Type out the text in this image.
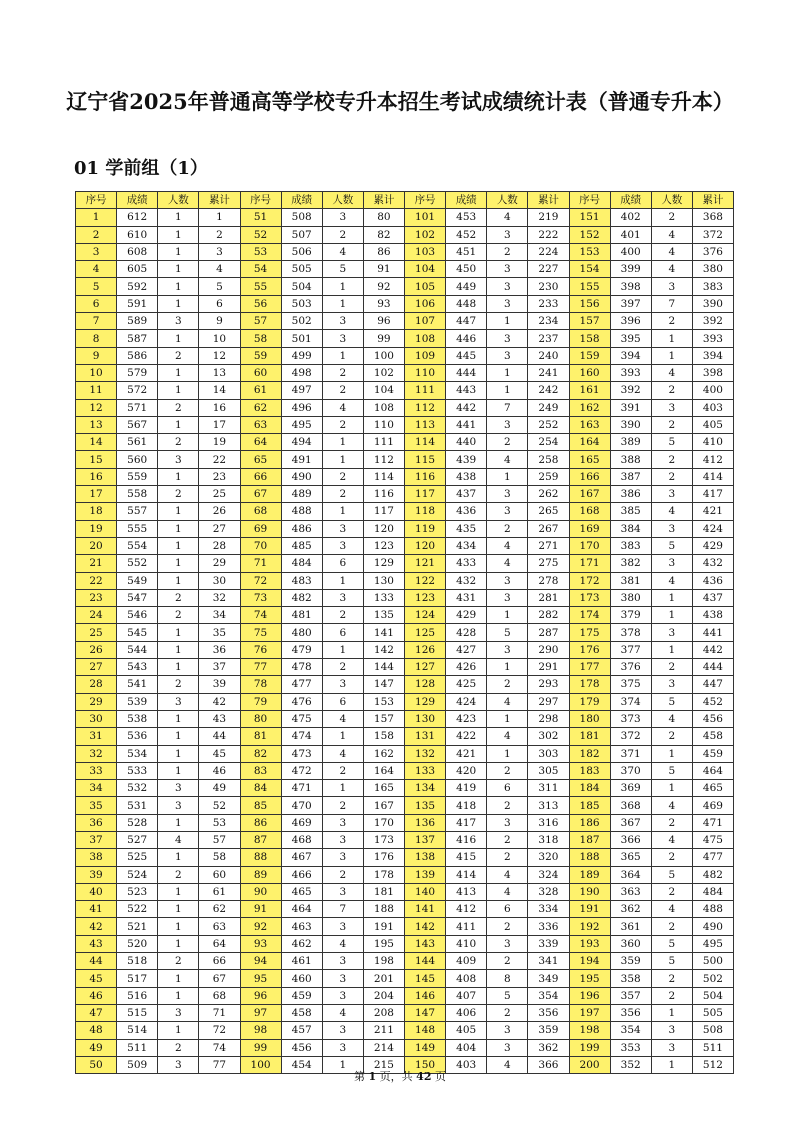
辽宁省2025年普通高等学校专升本招生考试成绩统计表（普通专升本）
01 学前组（1）
序号	成绩	人数	累计	序号	成绩	人数	累计	序号	成绩	人数	累计	序号	成绩	人数	累计
1	612	1	1	51	508	3	80	101	453	4	219	151	402	2	368
2	610	1	2	52	507	2	82	102	452	3	222	152	401	4	372
3	608	1	3	53	506	4	86	103	451	2	224	153	400	4	376
4	605	1	4	54	505	5	91	104	450	3	227	154	399	4	380
5	592	1	5	55	504	1	92	105	449	3	230	155	398	3	383
6	591	1	6	56	503	1	93	106	448	3	233	156	397	7	390
7	589	3	9	57	502	3	96	107	447	1	234	157	396	2	392
8	587	1	10	58	501	3	99	108	446	3	237	158	395	1	393
9	586	2	12	59	499	1	100	109	445	3	240	159	394	1	394
10	579	1	13	60	498	2	102	110	444	1	241	160	393	4	398
11	572	1	14	61	497	2	104	111	443	1	242	161	392	2	400
12	571	2	16	62	496	4	108	112	442	7	249	162	391	3	403
13	567	1	17	63	495	2	110	113	441	3	252	163	390	2	405
14	561	2	19	64	494	1	111	114	440	2	254	164	389	5	410
15	560	3	22	65	491	1	112	115	439	4	258	165	388	2	412
16	559	1	23	66	490	2	114	116	438	1	259	166	387	2	414
17	558	2	25	67	489	2	116	117	437	3	262	167	386	3	417
18	557	1	26	68	488	1	117	118	436	3	265	168	385	4	421
19	555	1	27	69	486	3	120	119	435	2	267	169	384	3	424
20	554	1	28	70	485	3	123	120	434	4	271	170	383	5	429
21	552	1	29	71	484	6	129	121	433	4	275	171	382	3	432
22	549	1	30	72	483	1	130	122	432	3	278	172	381	4	436
23	547	2	32	73	482	3	133	123	431	3	281	173	380	1	437
24	546	2	34	74	481	2	135	124	429	1	282	174	379	1	438
25	545	1	35	75	480	6	141	125	428	5	287	175	378	3	441
26	544	1	36	76	479	1	142	126	427	3	290	176	377	1	442
27	543	1	37	77	478	2	144	127	426	1	291	177	376	2	444
28	541	2	39	78	477	3	147	128	425	2	293	178	375	3	447
29	539	3	42	79	476	6	153	129	424	4	297	179	374	5	452
30	538	1	43	80	475	4	157	130	423	1	298	180	373	4	456
31	536	1	44	81	474	1	158	131	422	4	302	181	372	2	458
32	534	1	45	82	473	4	162	132	421	1	303	182	371	1	459
33	533	1	46	83	472	2	164	133	420	2	305	183	370	5	464
34	532	3	49	84	471	1	165	134	419	6	311	184	369	1	465
35	531	3	52	85	470	2	167	135	418	2	313	185	368	4	469
36	528	1	53	86	469	3	170	136	417	3	316	186	367	2	471
37	527	4	57	87	468	3	173	137	416	2	318	187	366	4	475
38	525	1	58	88	467	3	176	138	415	2	320	188	365	2	477
39	524	2	60	89	466	2	178	139	414	4	324	189	364	5	482
40	523	1	61	90	465	3	181	140	413	4	328	190	363	2	484
41	522	1	62	91	464	7	188	141	412	6	334	191	362	4	488
42	521	1	63	92	463	3	191	142	411	2	336	192	361	2	490
43	520	1	64	93	462	4	195	143	410	3	339	193	360	5	495
44	518	2	66	94	461	3	198	144	409	2	341	194	359	5	500
45	517	1	67	95	460	3	201	145	408	8	349	195	358	2	502
46	516	1	68	96	459	3	204	146	407	5	354	196	357	2	504
47	515	3	71	97	458	4	208	147	406	2	356	197	356	1	505
48	514	1	72	98	457	3	211	148	405	3	359	198	354	3	508
49	511	2	74	99	456	3	214	149	404	3	362	199	353	3	511
50	509	3	77	100	454	1	215	150	403	4	366	200	352	1	512
第 1 页，共 42 页
